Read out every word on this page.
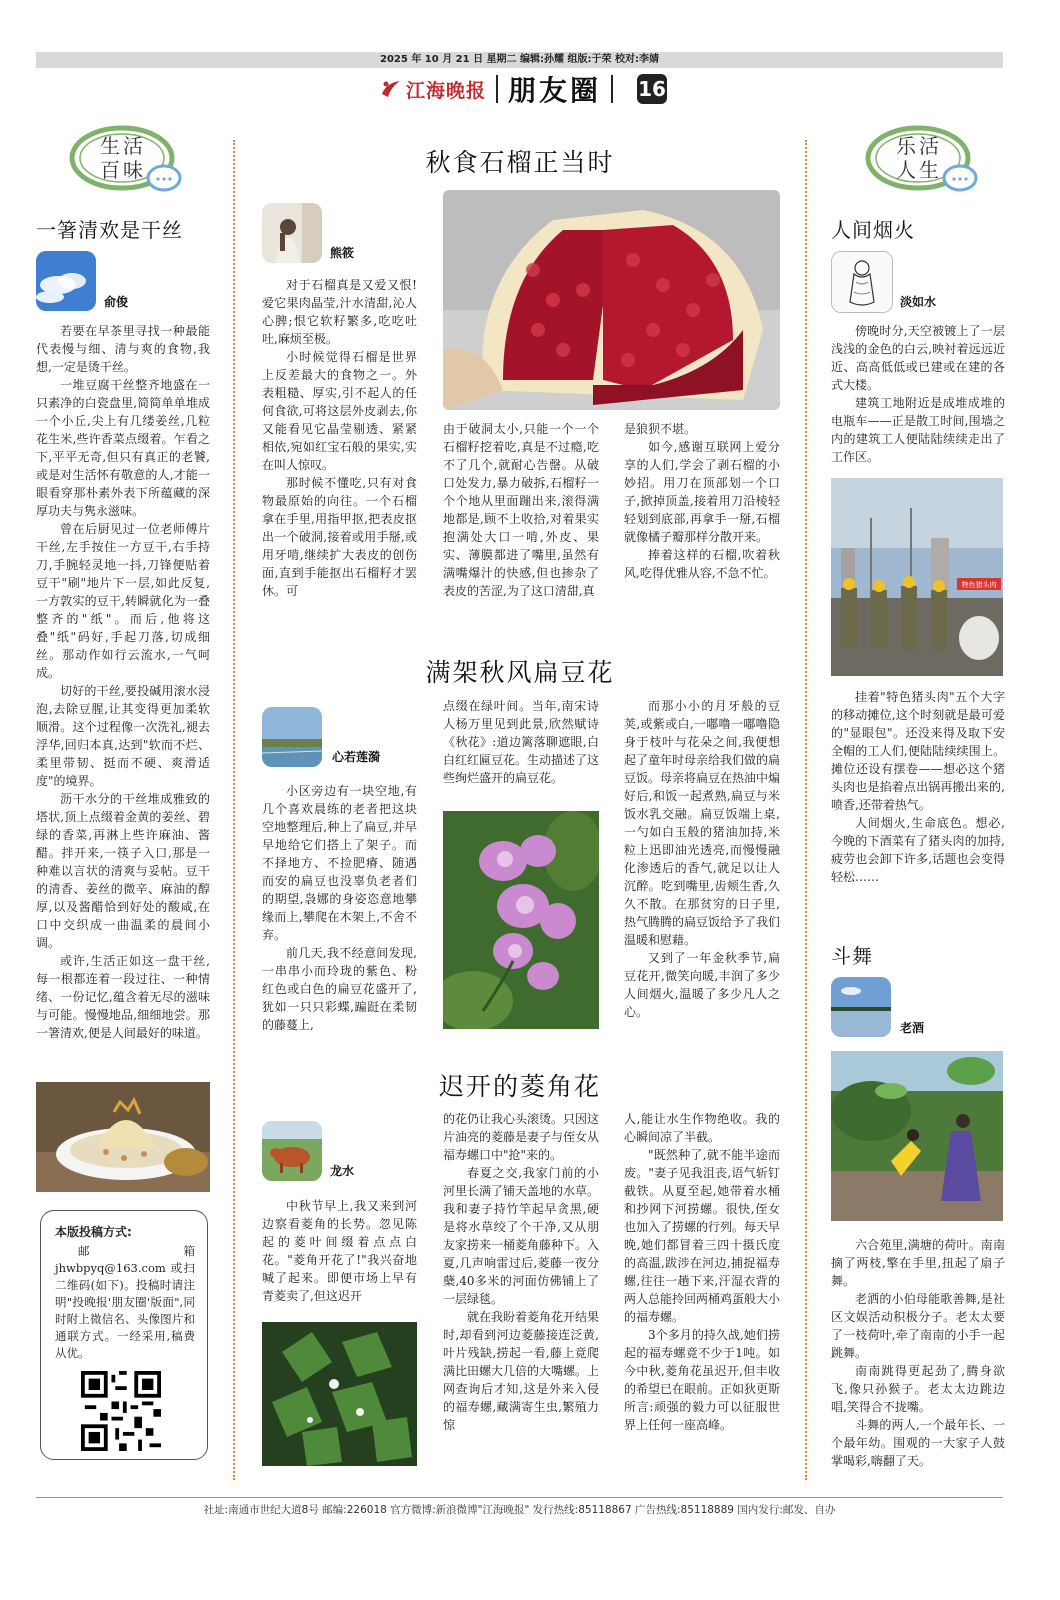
2025 年 10 月 21 日 星期二 编辑:孙耀 组版:于荣 校对:李婧
江海晚报 朋友圈 16
生活
百味
一箸清欢是干丝
俞俊

若要在早茶里寻找一种最能代表慢与细、清与爽的食物,我想,一定是烫干丝。

一堆豆腐干丝整齐地盛在一只素净的白瓷盘里,简简单单堆成一个小丘,尖上有几缕姜丝,几粒花生米,些许香菜点缀着。乍看之下,平平无奇,但只有真正的老饕,或是对生活怀有敬意的人,才能一眼看穿那朴素外表下所蕴藏的深厚功夫与隽永滋味。

曾在后厨见过一位老师傅片干丝,左手按住一方豆干,右手持刀,手腕轻灵地一抖,刀锋便贴着豆干"刷"地片下一层,如此反复,一方敦实的豆干,转瞬就化为一叠整齐的"纸"。而后,他将这叠"纸"码好,手起刀落,切成细丝。那动作如行云流水,一气呵成。

切好的干丝,要投碱用滚水浸泡,去除豆腥,让其变得更加柔软顺滑。这个过程像一次洗礼,褪去浮华,回归本真,达到"软而不烂、柔里带韧、挺而不硬、爽滑适度"的境界。

沥干水分的干丝堆成雅致的塔状,顶上点缀着金黄的姜丝、碧绿的香菜,再淋上些许麻油、酱醋。拌开来,一筷子入口,那是一种难以言状的清爽与妥帖。豆干的清香、姜丝的微辛、麻油的醇厚,以及酱醋恰到好处的酸咸,在口中交织成一曲温柔的晨间小调。

或许,生活正如这一盘干丝,每一根都连着一段过往、一种情绪、一份记忆,蕴含着无尽的滋味与可能。慢慢地品,细细地尝。那一箸清欢,便是人间最好的味道。

本版投稿方式:
邮 箱 jhwbpyq@163.com 或扫二维码(如下)。投稿时请注明"投晚报'朋友圈'版面",同时附上微信名、头像图片和通联方式。一经采用,稿费从优。
秋食石榴正当时
熊筱

对于石榴真是又爱又恨!爱它果肉晶莹,汁水清甜,沁人心脾;恨它软籽繁多,吃吃吐吐,麻烦至极。

小时候觉得石榴是世界上反差最大的食物之一。外表粗糙、厚实,引不起人的任何食欲,可将这层外皮剥去,你又能看见它晶莹剔透、紧紧相依,宛如红宝石般的果实,实在叫人惊叹。

那时候不懂吃,只有对食物最原始的向往。一个石榴拿在手里,用指甲抠,把表皮抠出一个破洞,接着或用手掰,或用牙啃,继续扩大表皮的创伤面,直到手能抠出石榴籽才罢休。可

由于破洞太小,只能一个一个石榴籽挖着吃,真是不过瘾,吃不了几个,就耐心告罄。从破口处发力,暴力破拆,石榴籽一个个地从里面蹦出来,滚得满地都是,顾不上收拾,对着果实抱满处大口一啃,外皮、果实、薄膜都进了嘴里,虽然有满嘴爆汁的快感,但也掺杂了表皮的苦涩,为了这口清甜,真

是狼狈不堪。

如今,感谢互联网上爱分享的人们,学会了剥石榴的小妙招。用刀在顶部划一个口子,掀掉顶盖,接着用刀沿棱轻轻划到底部,再拿手一掰,石榴就像橘子瓣那样分散开来。

捧着这样的石榴,吹着秋风,吃得优雅从容,不急不忙。

满架秋风扁豆花
心若莲漪

小区旁边有一块空地,有几个喜欢晨练的老者把这块空地整理后,种上了扁豆,并早早地给它们搭上了架子。而不择地方、不捡肥瘠、随遇而安的扁豆也没辜负老者们的期望,袅娜的身姿恣意地攀缘而上,攀爬在木架上,不舍不弃。

前几天,我不经意间发现,一串串小而玲珑的紫色、粉红色或白色的扁豆花盛开了,犹如一只只彩蝶,蹁跹在柔韧的藤蔓上,

点缀在绿叶间。当年,南宋诗人杨万里见到此景,欣然赋诗《秋花》:道边篱落聊遮眼,白白红红匾豆花。生动描述了这些绚烂盛开的扁豆花。

而那小小的月牙般的豆荚,或紫或白,一嘟噜一嘟噜隐身于枝叶与花朵之间,我便想起了童年时母亲给我们做的扁豆饭。母亲将扁豆在热油中煸好后,和饭一起煮熟,扁豆与米饭水乳交融。扁豆饭端上桌,一勺如白玉般的猪油加持,米粒上迅即油光透亮,而慢慢融化渗透后的香气,就足以让人沉醉。吃到嘴里,齿颊生香,久久不散。在那贫穷的日子里,热气腾腾的扁豆饭给予了我们温暖和慰藉。

又到了一年金秋季节,扁豆花开,微笑向暖,丰润了多少人间烟火,温暖了多少凡人之心。

迟开的菱角花
龙水

中秋节早上,我又来到河边察看菱角的长势。忽见陈起的菱叶间缀着点点白花。"菱角开花了!"我兴奋地喊了起来。即便市场上早有青菱卖了,但这迟开

的花仍让我心头滚烫。只因这片油亮的菱藤是妻子与侄女从福寿螺口中"抢"来的。

春夏之交,我家门前的小河里长满了铺天盖地的水草。我和妻子持竹竿起早贪黑,硬是将水草绞了个干净,又从朋友家捞来一桶菱角藤种下。入夏,几声响雷过后,菱藤一夜分蘖,40多米的河面仿佛铺上了一层绿毯。

就在我盼着菱角花开结果时,却看到河边菱藤接连泛黄,叶片残缺,捞起一看,藤上竟爬满比田螺大几倍的大嘴螺。上网查询后才知,这是外来入侵的福寿螺,藏满寄生虫,繁殖力惊

人,能让水生作物绝收。我的心瞬间凉了半截。

"既然种了,就不能半途而废。"妻子见我沮丧,语气斩钉截铁。从夏至起,她带着水桶和抄网下河捞螺。很快,侄女也加入了捞螺的行列。每天早晚,她们都冒着三四十摄氏度的高温,跋涉在河边,捕捉福寿螺,往往一趟下来,汗湿衣背的两人总能拎回两桶鸡蛋般大小的福寿螺。

3个多月的持久战,她们捞起的福寿螺竟不少于1吨。如今中秋,菱角花虽迟开,但丰收的希望已在眼前。正如狄更斯所言:顽强的毅力可以征服世界上任何一座高峰。

乐活
人生
人间烟火
淡如水

傍晚时分,天空被镀上了一层浅浅的金色的白云,映衬着远远近近、高高低低或已建或在建的各式大楼。

建筑工地附近是成堆成堆的电瓶车——正是散工时间,围墙之内的建筑工人便陆陆续续走出了工作区。

特色猪头肉

挂着"特色猪头肉"五个大字的移动摊位,这个时刻就是最可爱的"显眼包"。还没来得及取下安全帽的工人们,便陆陆续续围上。摊位还设有摆卷——想必这个猪头肉也是掐着点出锅再搬出来的,喷香,还带着热气。

人间烟火,生命底色。想必,今晚的下酒菜有了猪头肉的加持,疲劳也会卸下许多,话题也会变得轻松……

斗舞
老酒

六合苑里,满塘的荷叶。南南摘了两枝,擎在手里,扭起了扇子舞。

老洒的小伯母能歌善舞,是社区文娱活动积极分子。老太太要了一枝荷叶,牵了南南的小手一起跳舞。

南南跳得更起劲了,腾身欲飞,像只孙猴子。老太太边跳边唱,笑得合不拢嘴。

斗舞的两人,一个最年长、一个最年幼。围观的一大家子人鼓掌喝彩,嗨翻了天。

社址:南通市世纪大道8号 邮编:226018 官方微博:新浪微博"江海晚报" 发行热线:85118867 广告热线:85118889 国内发行:邮发、自办
